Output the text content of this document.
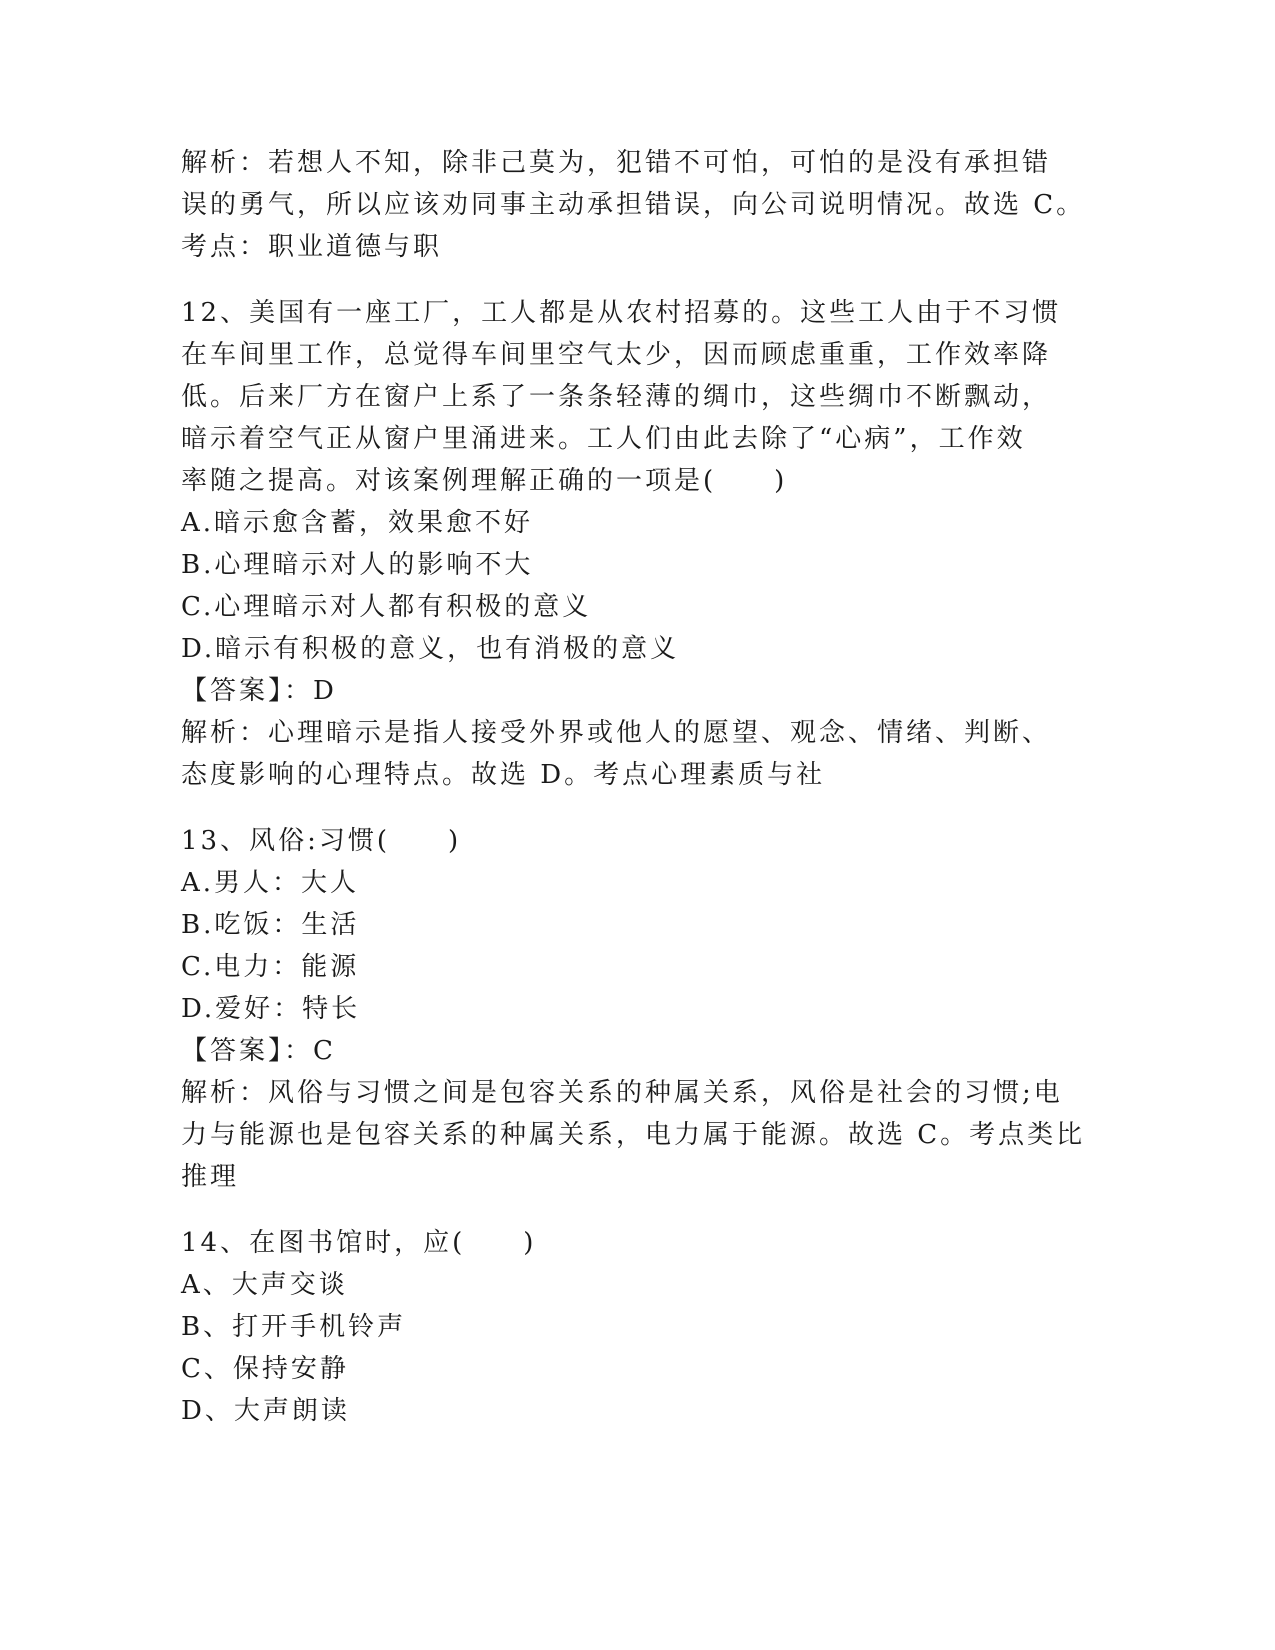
解析：若想人不知，除非己莫为，犯错不可怕，可怕的是没有承担错
误的勇气，所以应该劝同事主动承担错误，向公司说明情况。故选 C。
考点：职业道德与职
12、美国有一座工厂，工人都是从农村招募的。这些工人由于不习惯
在车间里工作，总觉得车间里空气太少，因而顾虑重重，工作效率降
低。后来厂方在窗户上系了一条条轻薄的绸巾，这些绸巾不断飘动，
暗示着空气正从窗户里涌进来。工人们由此去除了“心病”，工作效
率随之提高。对该案例理解正确的一项是(　　)
A.暗示愈含蓄，效果愈不好
B.心理暗示对人的影响不大
C.心理暗示对人都有积极的意义
D.暗示有积极的意义，也有消极的意义
【答案】：D
解析：心理暗示是指人接受外界或他人的愿望、观念、情绪、判断、
态度影响的心理特点。故选 D。考点心理素质与社
13、风俗:习惯(　　)
A.男人：大人
B.吃饭：生活
C.电力：能源
D.爱好：特长
【答案】：C
解析：风俗与习惯之间是包容关系的种属关系，风俗是社会的习惯;电
力与能源也是包容关系的种属关系，电力属于能源。故选 C。考点类比
推理
14、在图书馆时，应(　　)
A、大声交谈
B、打开手机铃声
C、保持安静
D、大声朗读
